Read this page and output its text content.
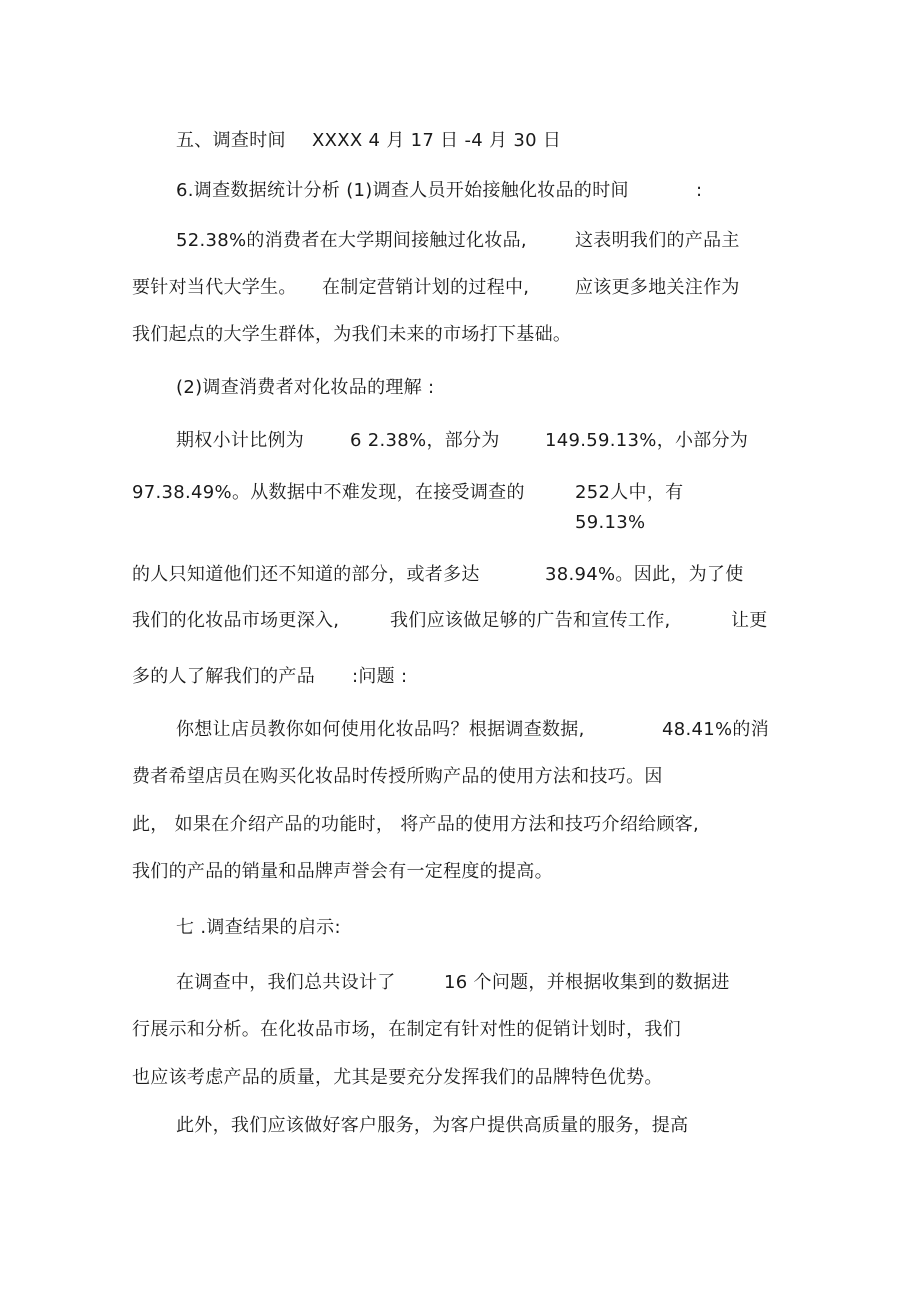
五、调查时间 XXXX 4 月 17 日 -4 月 30 日
6.调查数据统计分析 (1)调查人员开始接触化妆品的时间	:
52.38%的消费者在大学期间接触过化妆品,	这表明我们的产品主
要针对当代大学生。 在制定营销计划的过程中,	应该更多地关注作为
我们起点的大学生群体，为我们未来的市场打下基础。
(2)调查消费者对化妆品的理解 :
期权小计比例为	6 2.38%，部分为	149.59.13%，小部分为
97.38.49%。从数据中不难发现，在接受调查的	252人中，有
59.13%
的人只知道他们还不知道的部分，或者多达	38.94%。因此，为了使
我们的化妆品市场更深入,	我们应该做足够的广告和宣传工作,	让更
多的人了解我们的产品 :问题 :
你想让店员教你如何使用化妆品吗？根据调查数据,	48.41%的消
费者希望店员在购买化妆品时传授所购产品的使用方法和技巧。因
此， 如果在介绍产品的功能时， 将产品的使用方法和技巧介绍给顾客,
我们的产品的销量和品牌声誉会有一定程度的提高。
七 .调查结果的启示:
在调查中，我们总共设计了	16 个问题，并根据收集到的数据进
行展示和分析。在化妆品市场，在制定有针对性的促销计划时，我们
也应该考虑产品的质量，尤其是要充分发挥我们的品牌特色优势。
此外，我们应该做好客户服务，为客户提供高质量的服务，提高
